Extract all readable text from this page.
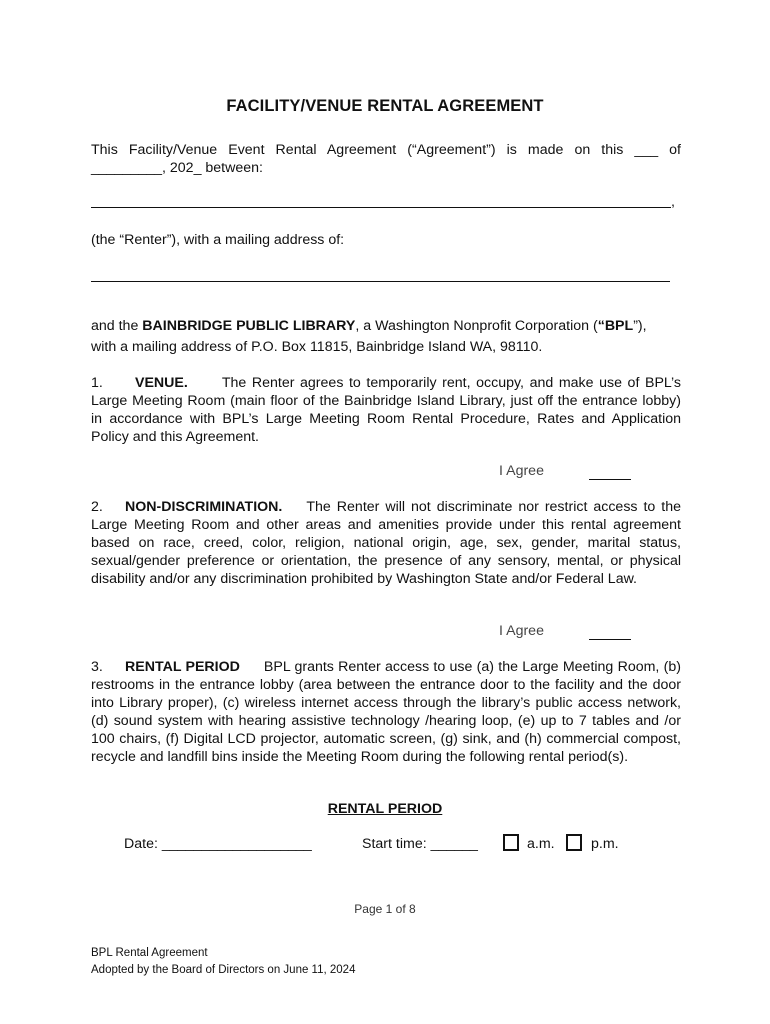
FACILITY/VENUE RENTAL AGREEMENT
This Facility/Venue Event Rental Agreement (“Agreement”) is made on this ___ of
_________, 202_ between:
,
(the “Renter”), with a mailing address of:
and the BAINBRIDGE PUBLIC LIBRARY, a Washington Nonprofit Corporation (“BPL”),
with a mailing address of P.O. Box 11815, Bainbridge Island WA, 98110.
1. VENUE. The Renter agrees to temporarily rent, occupy, and make use of BPL’s Large Meeting Room (main floor of the Bainbridge Island Library, just off the entrance lobby) in accordance with BPL’s Large Meeting Room Rental Procedure, Rates and Application Policy and this Agreement.
I Agree
2. NON-DISCRIMINATION. The Renter will not discriminate nor restrict access to the Large Meeting Room and other areas and amenities provide under this rental agreement based on race, creed, color, religion, national origin, age, sex, gender, marital status, sexual/gender preference or orientation, the presence of any sensory, mental, or physical disability and/or any discrimination prohibited by Washington State and/or Federal Law.
I Agree
3. RENTAL PERIOD BPL grants Renter access to use (a) the Large Meeting Room, (b) restrooms in the entrance lobby (area between the entrance door to the facility and the door into Library proper), (c) wireless internet access through the library’s public access network, (d) sound system with hearing assistive technology /hearing loop, (e) up to 7 tables and /or 100 chairs, (f) Digital LCD projector, automatic screen, (g) sink, and (h) commercial compost, recycle and landfill bins inside the Meeting Room during the following rental period(s).
RENTAL PERIOD
Date: ___________________	Start time: ______	a.m.	p.m.
Page 1 of 8
BPL Rental Agreement
Adopted by the Board of Directors on June 11, 2024
